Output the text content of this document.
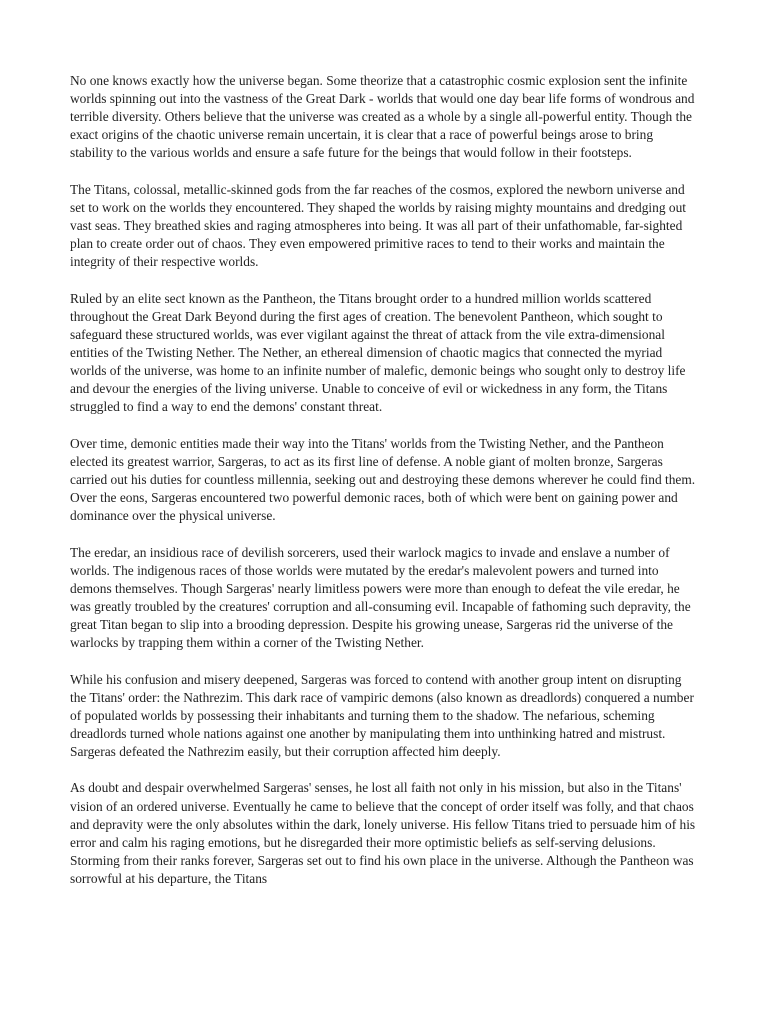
No one knows exactly how the universe began. Some theorize that a catastrophic cosmic explosion sent the infinite worlds spinning out into the vastness of the Great Dark - worlds that would one day bear life forms of wondrous and terrible diversity. Others believe that the universe was created as a whole by a single all-powerful entity. Though the exact origins of the chaotic universe remain uncertain, it is clear that a race of powerful beings arose to bring stability to the various worlds and ensure a safe future for the beings that would follow in their footsteps.

The Titans, colossal, metallic-skinned gods from the far reaches of the cosmos, explored the newborn universe and set to work on the worlds they encountered. They shaped the worlds by raising mighty mountains and dredging out vast seas. They breathed skies and raging atmospheres into being. It was all part of their unfathomable, far-sighted plan to create order out of chaos. They even empowered primitive races to tend to their works and maintain the integrity of their respective worlds.

Ruled by an elite sect known as the Pantheon, the Titans brought order to a hundred million worlds scattered throughout the Great Dark Beyond during the first ages of creation. The benevolent Pantheon, which sought to safeguard these structured worlds, was ever vigilant against the threat of attack from the vile extra-dimensional entities of the Twisting Nether. The Nether, an ethereal dimension of chaotic magics that connected the myriad worlds of the universe, was home to an infinite number of malefic, demonic beings who sought only to destroy life and devour the energies of the living universe. Unable to conceive of evil or wickedness in any form, the Titans struggled to find a way to end the demons' constant threat.

Over time, demonic entities made their way into the Titans' worlds from the Twisting Nether, and the Pantheon elected its greatest warrior, Sargeras, to act as its first line of defense. A noble giant of molten bronze, Sargeras carried out his duties for countless millennia, seeking out and destroying these demons wherever he could find them. Over the eons, Sargeras encountered two powerful demonic races, both of which were bent on gaining power and dominance over the physical universe.

The eredar, an insidious race of devilish sorcerers, used their warlock magics to invade and enslave a number of worlds. The indigenous races of those worlds were mutated by the eredar's malevolent powers and turned into demons themselves. Though Sargeras' nearly limitless powers were more than enough to defeat the vile eredar, he was greatly troubled by the creatures' corruption and all-consuming evil. Incapable of fathoming such depravity, the great Titan began to slip into a brooding depression. Despite his growing unease, Sargeras rid the universe of the warlocks by trapping them within a corner of the Twisting Nether.

While his confusion and misery deepened, Sargeras was forced to contend with another group intent on disrupting the Titans' order: the Nathrezim. This dark race of vampiric demons (also known as dreadlords) conquered a number of populated worlds by possessing their inhabitants and turning them to the shadow. The nefarious, scheming dreadlords turned whole nations against one another by manipulating them into unthinking hatred and mistrust. Sargeras defeated the Nathrezim easily, but their corruption affected him deeply.

As doubt and despair overwhelmed Sargeras' senses, he lost all faith not only in his mission, but also in the Titans' vision of an ordered universe. Eventually he came to believe that the concept of order itself was folly, and that chaos and depravity were the only absolutes within the dark, lonely universe. His fellow Titans tried to persuade him of his error and calm his raging emotions, but he disregarded their more optimistic beliefs as self-serving delusions. Storming from their ranks forever, Sargeras set out to find his own place in the universe. Although the Pantheon was sorrowful at his departure, the Titans
